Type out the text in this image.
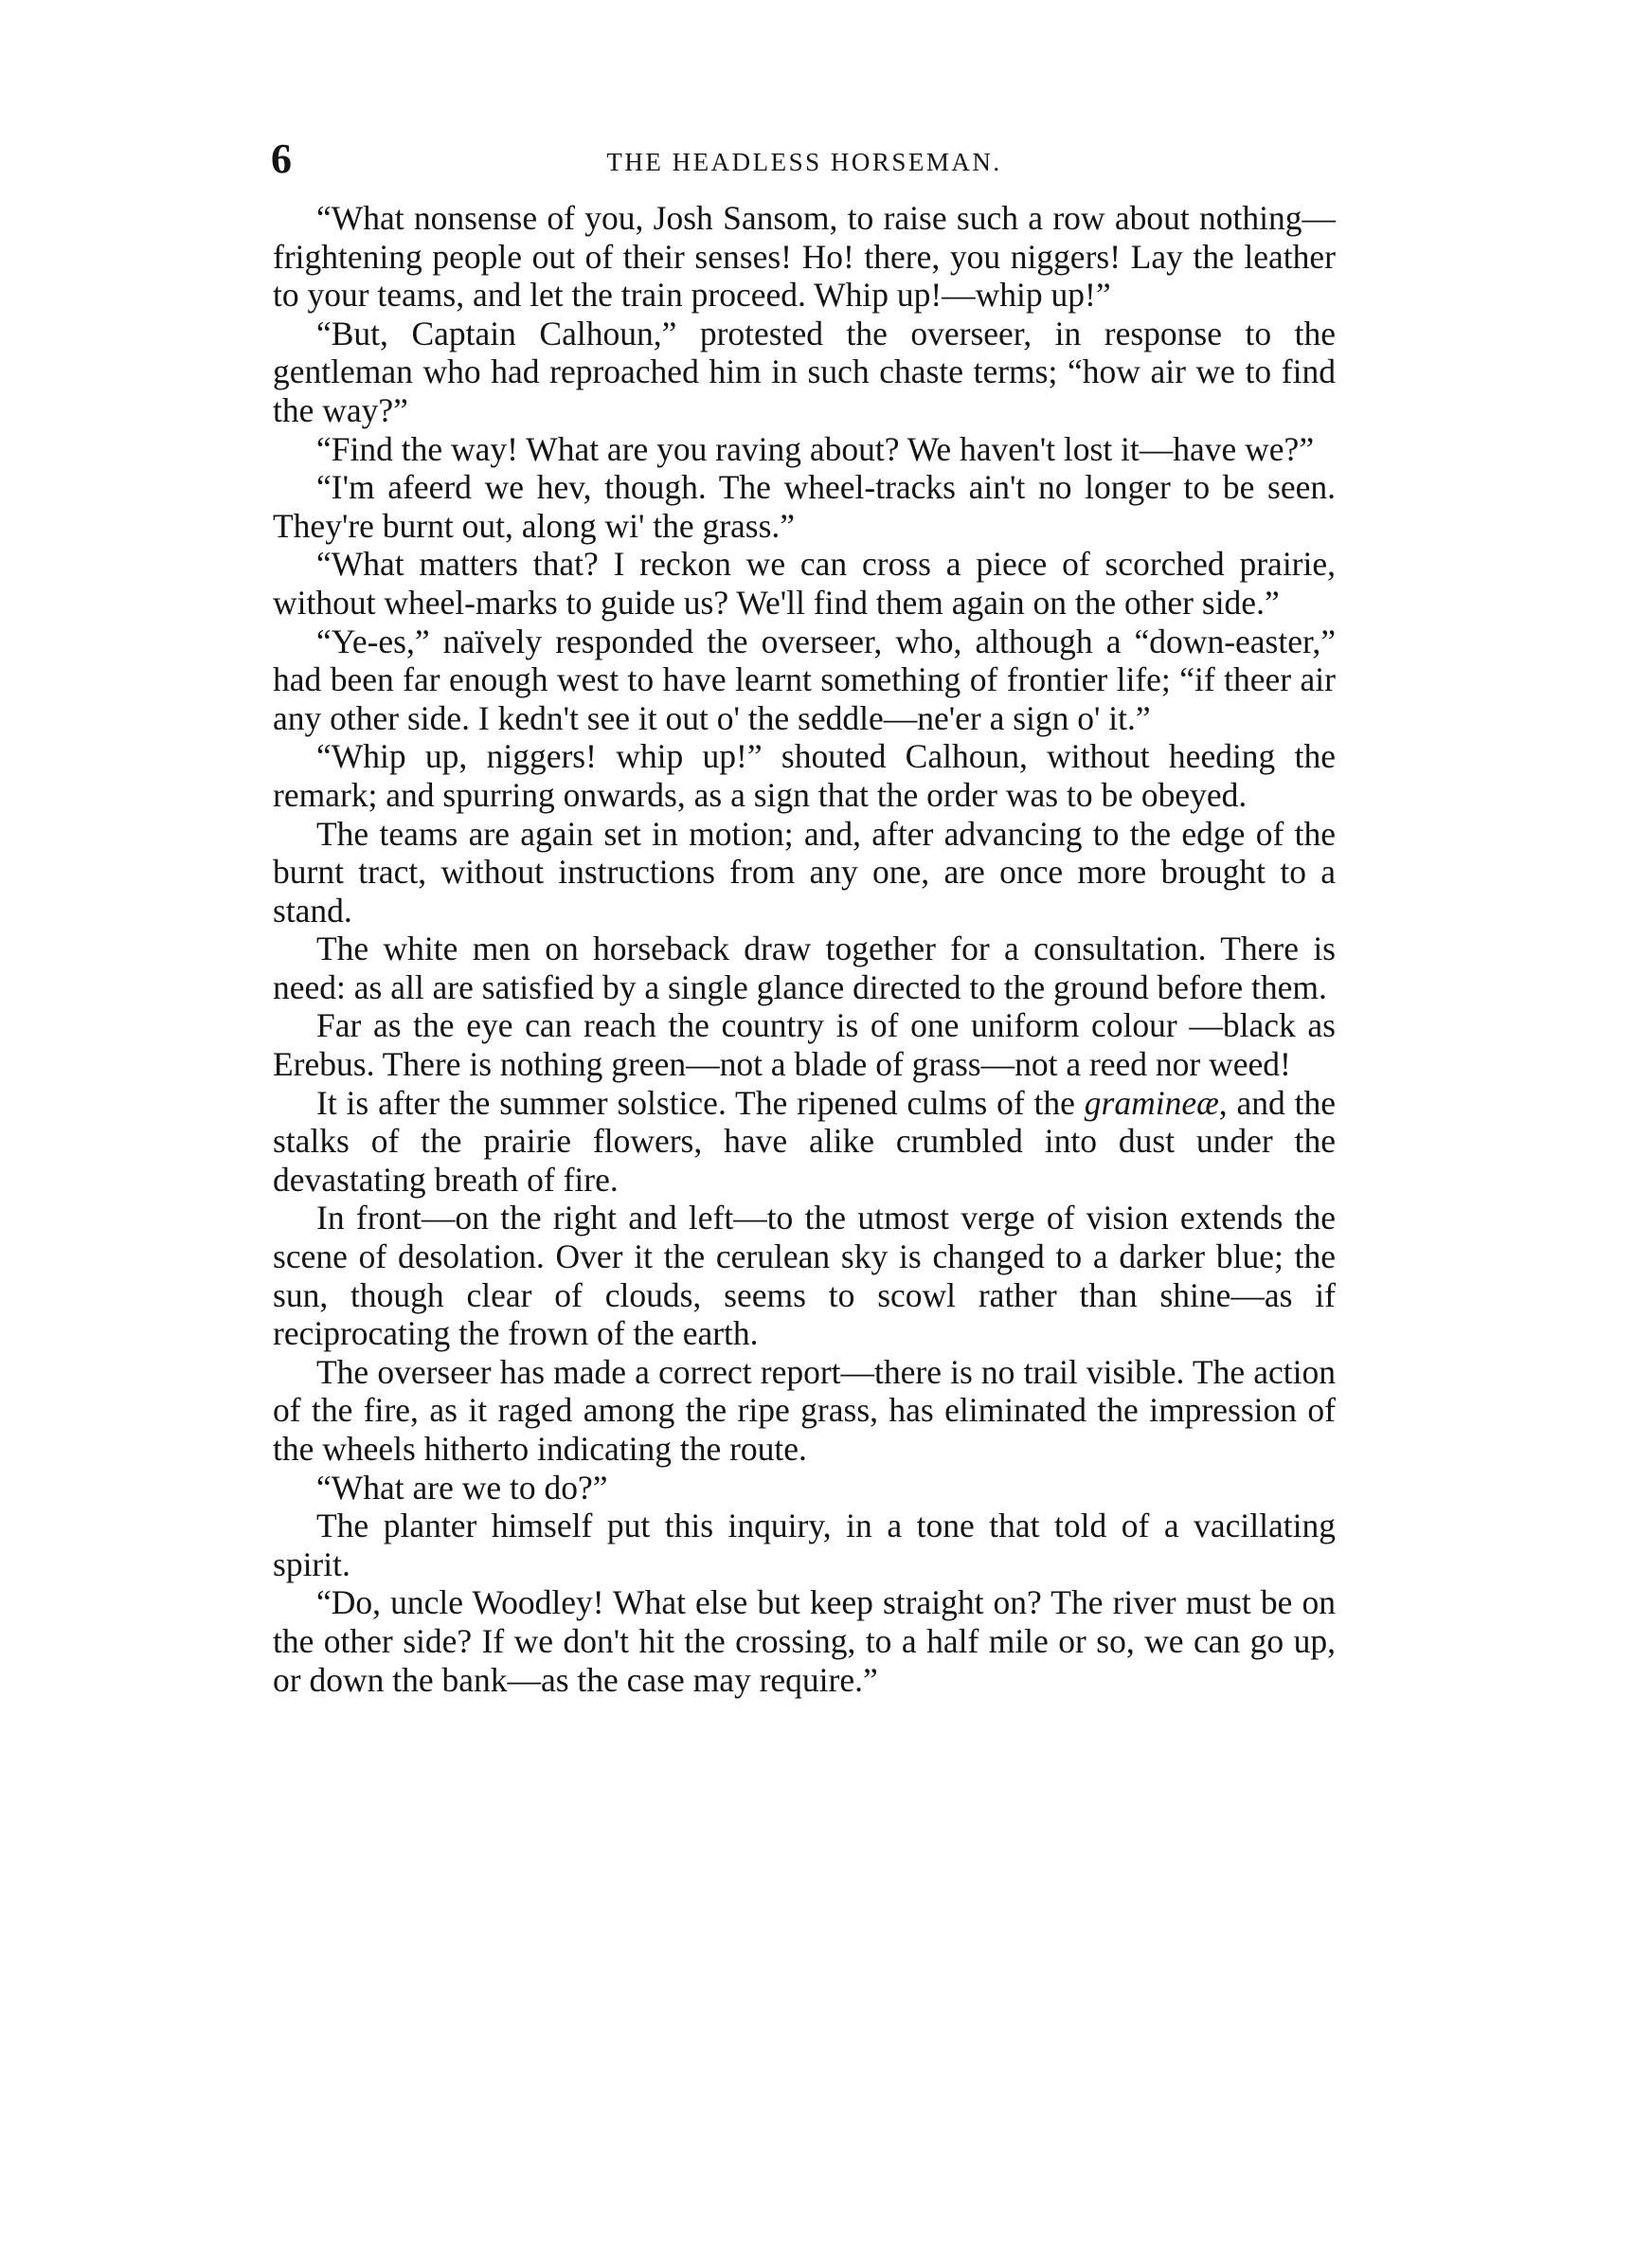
6	THE HEADLESS HORSEMAN.

“What nonsense of you, Josh Sansom, to raise such a row about nothing—frightening people out of their senses! Ho! there, you niggers! Lay the leather to your teams, and let the train proceed. Whip up!—whip up!”

“But, Captain Calhoun,” protested the overseer, in response to the gentleman who had reproached him in such chaste terms; “how air we to find the way?”

“Find the way! What are you raving about? We haven't lost it—have we?”

“I'm afeerd we hev, though. The wheel-tracks ain't no longer to be seen. They're burnt out, along wi' the grass.”

“What matters that? I reckon we can cross a piece of scorched prairie, without wheel-marks to guide us? We'll find them again on the other side.”

“Ye-es,” naïvely responded the overseer, who, although a “down-easter,” had been far enough west to have learnt something of frontier life; “if theer air any other side. I kedn't see it out o' the seddle—ne'er a sign o' it.”

“Whip up, niggers! whip up!” shouted Calhoun, without heeding the remark; and spurring onwards, as a sign that the order was to be obeyed.

The teams are again set in motion; and, after advancing to the edge of the burnt tract, without instructions from any one, are once more brought to a stand.

The white men on horseback draw together for a consultation. There is need: as all are satisfied by a single glance directed to the ground before them.

Far as the eye can reach the country is of one uniform colour —black as Erebus. There is nothing green—not a blade of grass—not a reed nor weed!

It is after the summer solstice. The ripened culms of the gramineæ, and the stalks of the prairie flowers, have alike crumbled into dust under the devastating breath of fire.

In front—on the right and left—to the utmost verge of vision extends the scene of desolation. Over it the cerulean sky is changed to a darker blue; the sun, though clear of clouds, seems to scowl rather than shine—as if reciprocating the frown of the earth.

The overseer has made a correct report—there is no trail visible. The action of the fire, as it raged among the ripe grass, has eliminated the impression of the wheels hitherto indicating the route.

“What are we to do?”

The planter himself put this inquiry, in a tone that told of a vacillating spirit.

“Do, uncle Woodley! What else but keep straight on? The river must be on the other side? If we don't hit the crossing, to a half mile or so, we can go up, or down the bank—as the case may require.”
